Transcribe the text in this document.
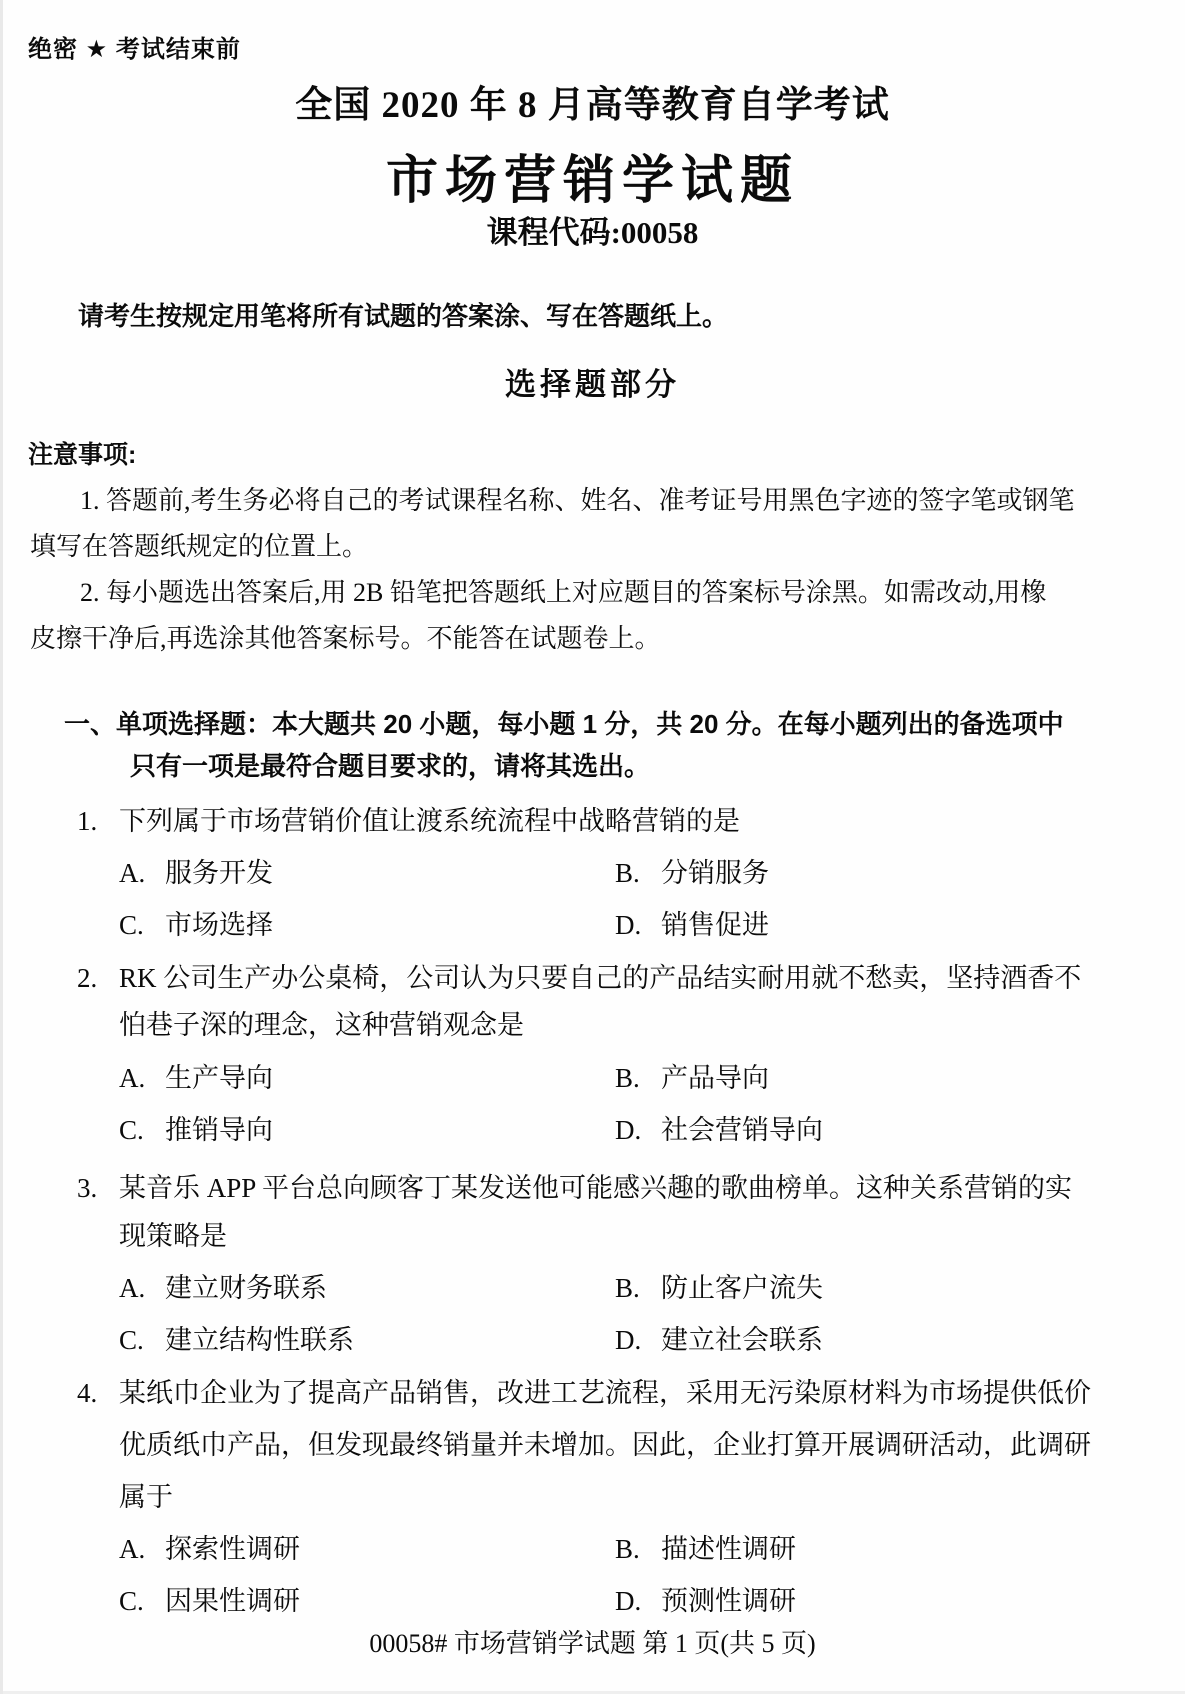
绝密 ★ 考试结束前
全国 2020 年 8 月高等教育自学考试
市场营销学试题
课程代码:00058
请考生按规定用笔将所有试题的答案涂、写在答题纸上。
选择题部分
注意事项:
1. 答题前,考生务必将自己的考试课程名称、姓名、准考证号用黑色字迹的签字笔或钢笔
填写在答题纸规定的位置上。
2. 每小题选出答案后,用 2B 铅笔把答题纸上对应题目的答案标号涂黑。如需改动,用橡
皮擦干净后,再选涂其他答案标号。不能答在试题卷上。
一、单项选择题：本大题共 20 小题，每小题 1 分，共 20 分。在每小题列出的备选项中
只有一项是最符合题目要求的，请将其选出。
1. 下列属于市场营销价值让渡系统流程中战略营销的是
A. 服务开发	B. 分销服务
C. 市场选择	D. 销售促进
2. RK 公司生产办公桌椅，公司认为只要自己的产品结实耐用就不愁卖，坚持酒香不
怕巷子深的理念，这种营销观念是
A. 生产导向	B. 产品导向
C. 推销导向	D. 社会营销导向
3. 某音乐 APP 平台总向顾客丁某发送他可能感兴趣的歌曲榜单。这种关系营销的实
现策略是
A. 建立财务联系	B. 防止客户流失
C. 建立结构性联系	D. 建立社会联系
4. 某纸巾企业为了提高产品销售，改进工艺流程，采用无污染原材料为市场提供低价
优质纸巾产品，但发现最终销量并未增加。因此，企业打算开展调研活动，此调研
属于
A. 探索性调研	B. 描述性调研
C. 因果性调研	D. 预测性调研
00058# 市场营销学试题 第 1 页(共 5 页)
